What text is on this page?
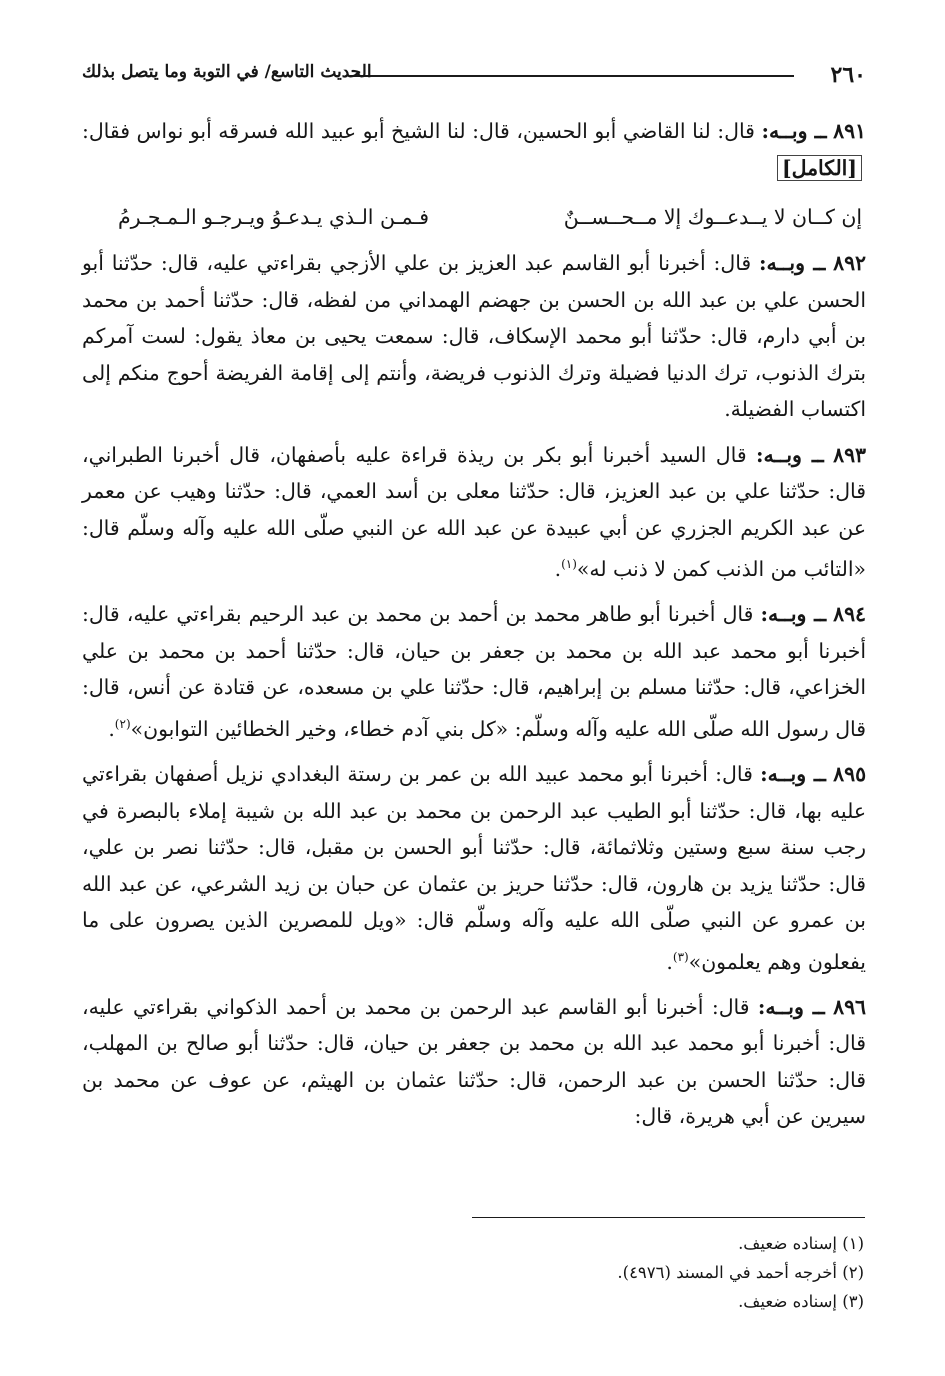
٢٦٠
الحديث التاسع/ في التوبة وما يتصل بذلك

٨٩١ ــ وبــه: قال: لنا القاضي أبو الحسين، قال: لنا الشيخ أبو عبيد الله فسرقه أبو نواس فقال: [الكامل]

إن كــان لا يــدعــوك إلا مــحــســنٌ
فـمـن الـذي يـدعـوُ ويـرجـو الـمـجـرمُ

٨٩٢ ــ وبــه: قال: أخبرنا أبو القاسم عبد العزيز بن علي الأزجي بقراءتي عليه، قال: حدّثنا أبو الحسن علي بن عبد الله بن الحسن بن جهضم الهمداني من لفظه، قال: حدّثنا أحمد بن محمد بن أبي دارم، قال: حدّثنا أبو محمد الإسكاف، قال: سمعت يحيى بن معاذ يقول: لست آمركم بترك الذنوب، ترك الدنيا فضيلة وترك الذنوب فريضة، وأنتم إلى إقامة الفريضة أحوج منكم إلى اكتساب الفضيلة.

٨٩٣ ــ وبــه: قال السيد أخبرنا أبو بكر بن ريذة قراءة عليه بأصفهان، قال أخبرنا الطبراني، قال: حدّثنا علي بن عبد العزيز، قال: حدّثنا معلى بن أسد العمي، قال: حدّثنا وهيب عن معمر عن عبد الكريم الجزري عن أبي عبيدة عن عبد الله عن النبي صلّى الله عليه وآله وسلّم قال: «التائب من الذنب كمن لا ذنب له»$^{(١)}$.

٨٩٤ ــ وبــه: قال أخبرنا أبو طاهر محمد بن أحمد بن محمد بن عبد الرحيم بقراءتي عليه، قال: أخبرنا أبو محمد عبد الله بن محمد بن جعفر بن حيان، قال: حدّثنا أحمد بن محمد بن علي الخزاعي، قال: حدّثنا مسلم بن إبراهيم، قال: حدّثنا علي بن مسعده، عن قتادة عن أنس، قال: قال رسول الله صلّى الله عليه وآله وسلّم: «كل بني آدم خطاء، وخير الخطائين التوابون»$^{(٢)}$.

٨٩٥ ــ وبــه: قال: أخبرنا أبو محمد عبيد الله بن عمر بن رستة البغدادي نزيل أصفهان بقراءتي عليه بها، قال: حدّثنا أبو الطيب عبد الرحمن بن محمد بن عبد الله بن شيبة إملاء بالبصرة في رجب سنة سبع وستين وثلاثمائة، قال: حدّثنا أبو الحسن بن مقبل، قال: حدّثنا نصر بن علي، قال: حدّثنا يزيد بن هارون، قال: حدّثنا حريز بن عثمان عن حبان بن زيد الشرعي، عن عبد الله بن عمرو عن النبي صلّى الله عليه وآله وسلّم قال: «ويل للمصرين الذين يصرون على ما يفعلون وهم يعلمون»$^{(٣)}$.

٨٩٦ ــ وبــه: قال: أخبرنا أبو القاسم عبد الرحمن بن محمد بن أحمد الذكواني بقراءتي عليه، قال: أخبرنا أبو محمد عبد الله بن محمد بن جعفر بن حيان، قال: حدّثنا أبو صالح بن المهلب، قال: حدّثنا الحسن بن عبد الرحمن، قال: حدّثنا عثمان بن الهيثم، عن عوف عن محمد بن سيرين عن أبي هريرة، قال:

(١) إسناده ضعيف.

(٢) أخرجه أحمد في المسند (٤٩٧٦).

(٣) إسناده ضعيف.
